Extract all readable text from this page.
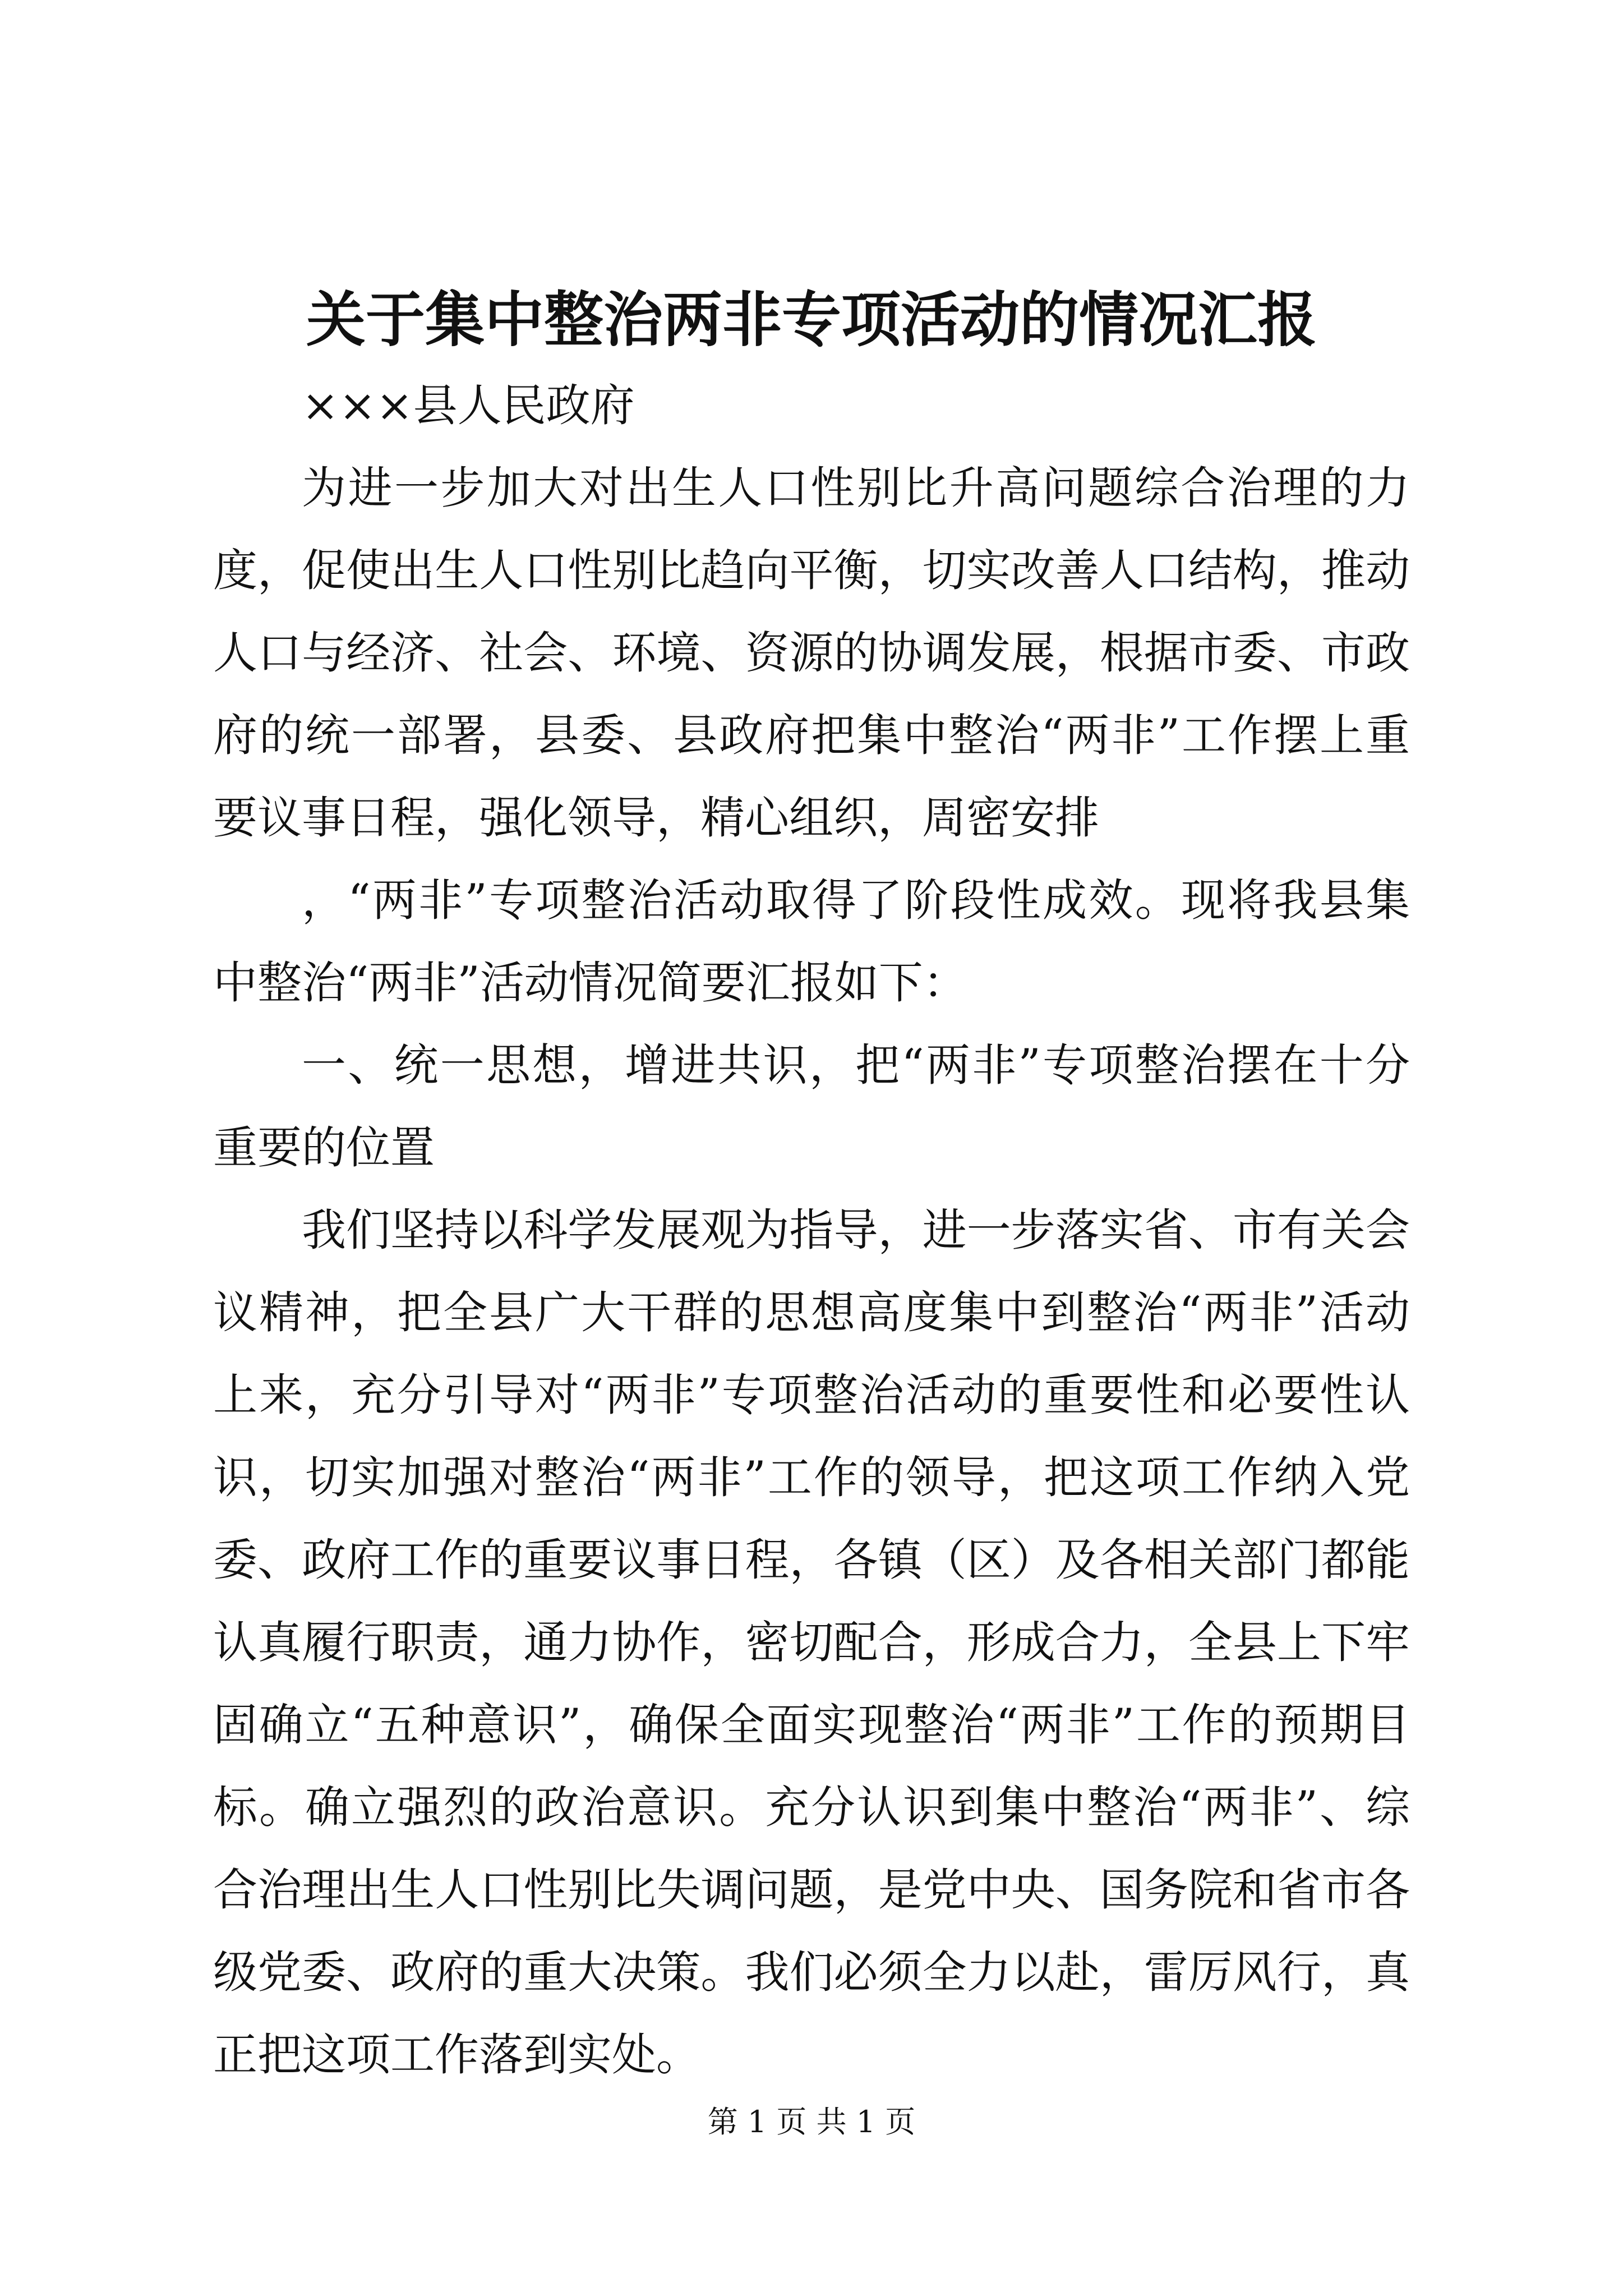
关于集中整治两非专项活动的情况汇报

×××县人民政府

为进一步加大对出生人口性别比升高问题综合治理的力度，促使出生人口性别比趋向平衡，切实改善人口结构，推动人口与经济、社会、环境、资源的协调发展，根据市委、市政府的统一部署，县委、县政府把集中整治“两非”工作摆上重要议事日程，强化领导，精心组织，周密安排

，“两非”专项整治活动取得了阶段性成效。现将我县集中整治“两非”活动情况简要汇报如下：

一、统一思想，增进共识，把“两非”专项整治摆在十分重要的位置

我们坚持以科学发展观为指导，进一步落实省、市有关会议精神，把全县广大干群的思想高度集中到整治“两非”活动上来，充分引导对“两非”专项整治活动的重要性和必要性认识，切实加强对整治“两非”工作的领导，把这项工作纳入党委、政府工作的重要议事日程，各镇（区）及各相关部门都能认真履行职责，通力协作，密切配合，形成合力，全县上下牢固确立“五种意识”，确保全面实现整治“两非”工作的预期目标。确立强烈的政治意识。充分认识到集中整治“两非”、综合治理出生人口性别比失调问题，是党中央、国务院和省市各级党委、政府的重大决策。我们必须全力以赴，雷厉风行，真正把这项工作落到实处。

第 1 页 共 1 页
